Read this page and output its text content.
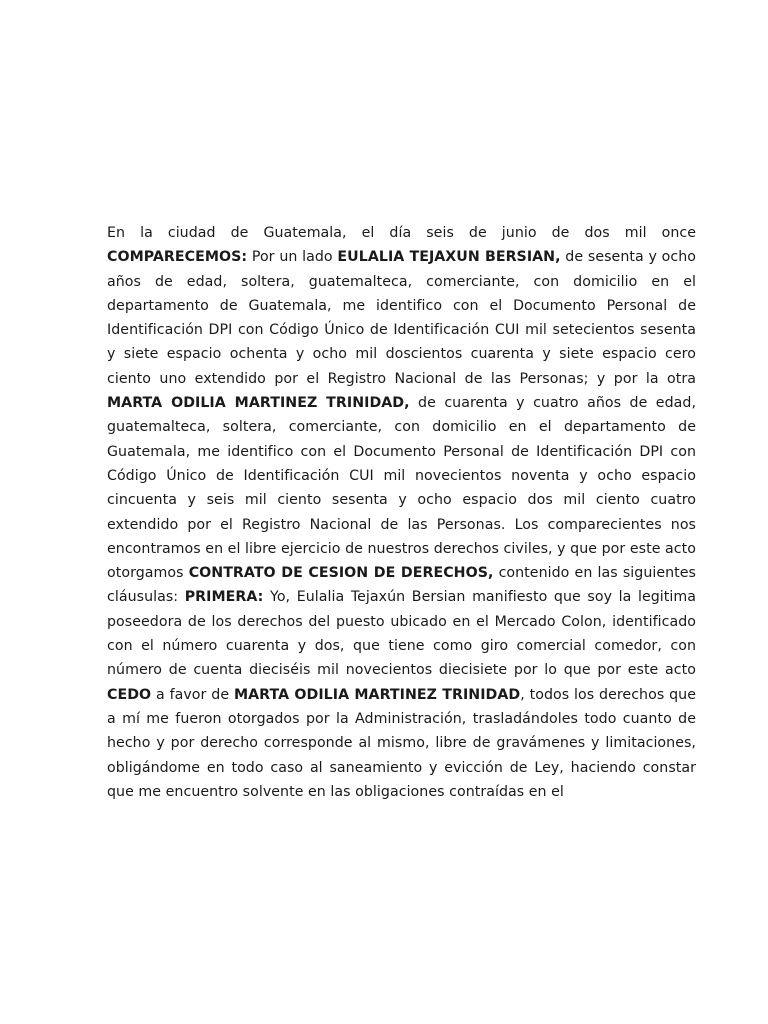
En la ciudad de Guatemala, el día seis de junio de dos mil once COMPARECEMOS: Por un lado EULALIA TEJAXUN BERSIAN, de sesenta y ocho años de edad, soltera, guatemalteca, comerciante, con domicilio en el departamento de Guatemala, me identifico con el Documento Personal de Identificación DPI con Código Único de Identificación CUI mil setecientos sesenta y siete espacio ochenta y ocho mil doscientos cuarenta y siete espacio cero ciento uno extendido por el Registro Nacional de las Personas; y por la otra MARTA ODILIA MARTINEZ TRINIDAD, de cuarenta y cuatro años de edad, guatemalteca, soltera, comerciante, con domicilio en el departamento de Guatemala, me identifico con el Documento Personal de Identificación DPI con Código Único de Identificación CUI mil novecientos noventa y ocho espacio cincuenta y seis mil ciento sesenta y ocho espacio dos mil ciento cuatro extendido por el Registro Nacional de las Personas. Los comparecientes nos encontramos en el libre ejercicio de nuestros derechos civiles, y que por este acto otorgamos CONTRATO DE CESION DE DERECHOS, contenido en las siguientes cláusulas: PRIMERA: Yo, Eulalia Tejaxún Bersian manifiesto que soy la legitima poseedora de los derechos del puesto ubicado en el Mercado Colon, identificado con el número cuarenta y dos, que tiene como giro comercial comedor, con número de cuenta dieciséis mil novecientos diecisiete por lo que por este acto CEDO a favor de MARTA ODILIA MARTINEZ TRINIDAD, todos los derechos que a mí me fueron otorgados por la Administración, trasladándoles todo cuanto de hecho y por derecho corresponde al mismo, libre de gravámenes y limitaciones, obligándome en todo caso al saneamiento y evicción de Ley, haciendo constar que me encuentro solvente en las obligaciones contraídas en el
